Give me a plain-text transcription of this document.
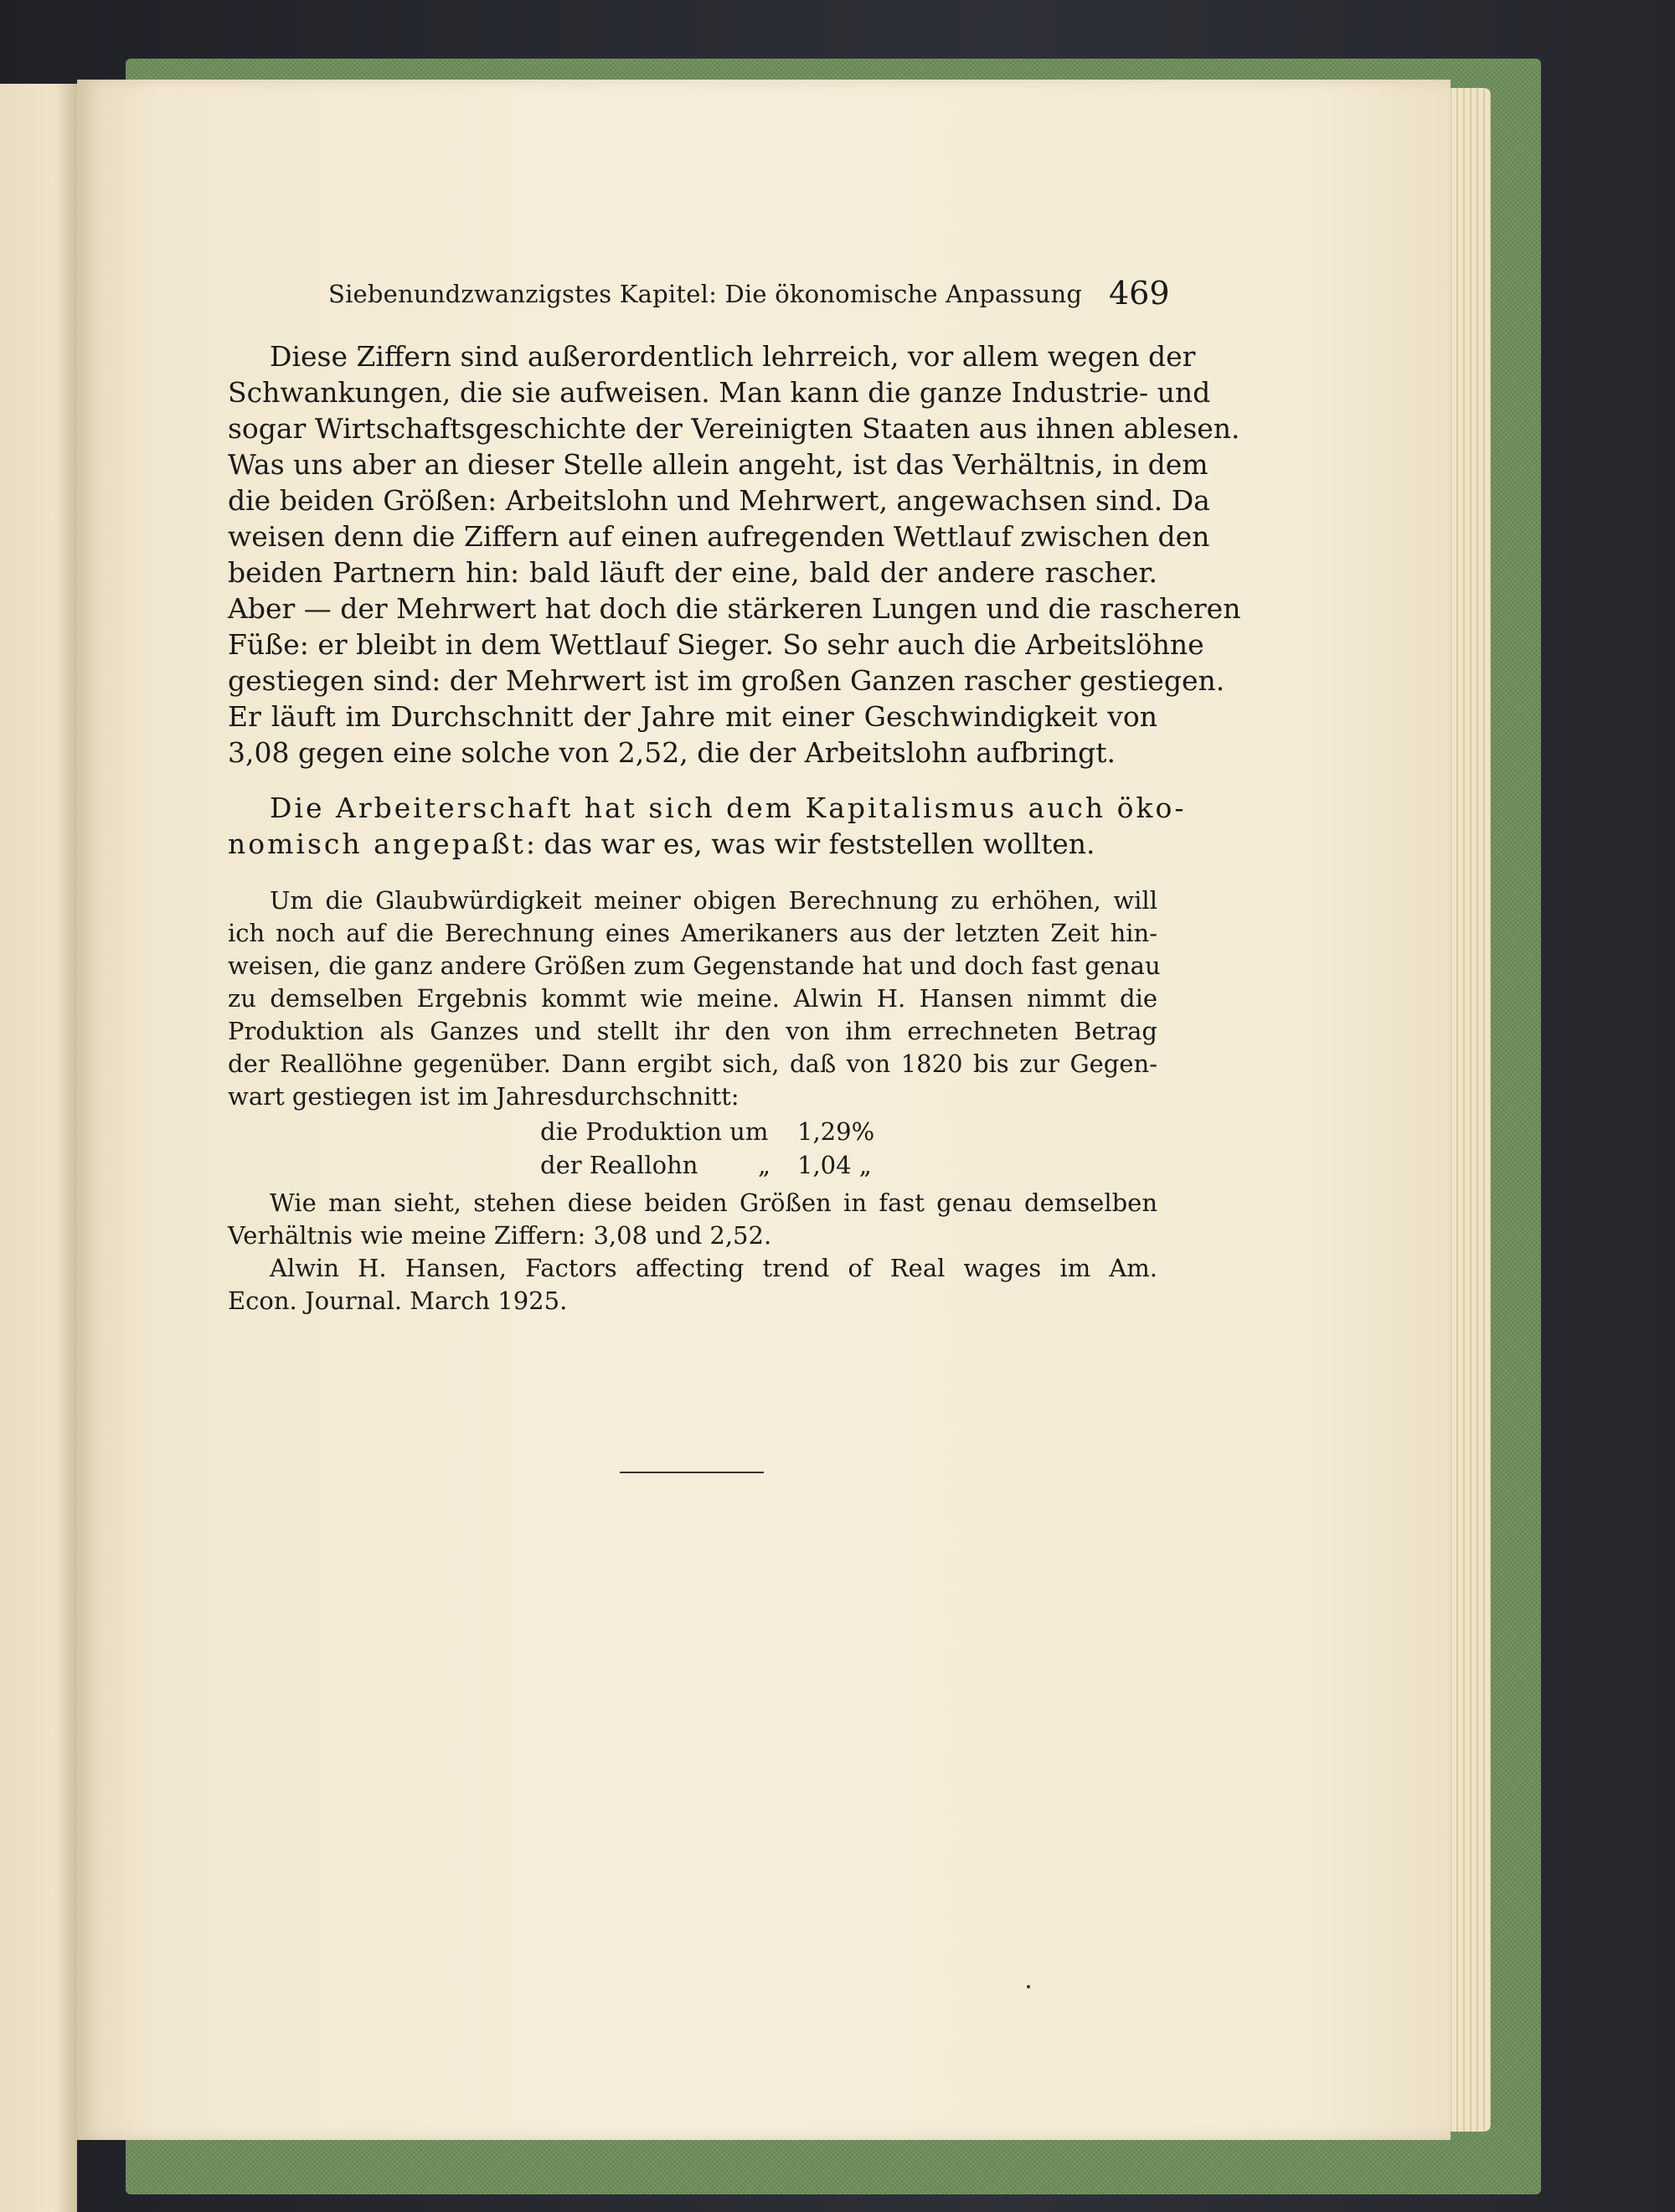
Siebenundzwanzigstes Kapitel: Die ökonomische Anpassung 469
Diese Ziffern sind außerordentlich lehrreich, vor allem wegen der
Schwankungen, die sie aufweisen. Man kann die ganze Industrie- und
sogar Wirtschaftsgeschichte der Vereinigten Staaten aus ihnen ablesen.
Was uns aber an dieser Stelle allein angeht, ist das Verhältnis, in dem
die beiden Größen: Arbeitslohn und Mehrwert, angewachsen sind. Da
weisen denn die Ziffern auf einen aufregenden Wettlauf zwischen den
beiden Partnern hin: bald läuft der eine, bald der andere rascher.
Aber — der Mehrwert hat doch die stärkeren Lungen und die rascheren
Füße: er bleibt in dem Wettlauf Sieger. So sehr auch die Arbeitslöhne
gestiegen sind: der Mehrwert ist im großen Ganzen rascher gestiegen.
Er läuft im Durchschnitt der Jahre mit einer Geschwindigkeit von
3,08 gegen eine solche von 2,52, die der Arbeitslohn aufbringt.
Die Arbeiterschaft hat sich dem Kapitalismus auch öko-
nomisch angepaßt: das war es, was wir feststellen wollten.
Um die Glaubwürdigkeit meiner obigen Berechnung zu erhöhen, will
ich noch auf die Berechnung eines Amerikaners aus der letzten Zeit hin-
weisen, die ganz andere Größen zum Gegenstande hat und doch fast genau
zu demselben Ergebnis kommt wie meine. Alwin H. Hansen nimmt die
Produktion als Ganzes und stellt ihr den von ihm errechneten Betrag
der Reallöhne gegenüber. Dann ergibt sich, daß von 1820 bis zur Gegen-
wart gestiegen ist im Jahresdurchschnitt:
die Produktion um 1,29%
der Reallohn „ 1,04 „
Wie man sieht, stehen diese beiden Größen in fast genau demselben
Verhältnis wie meine Ziffern: 3,08 und 2,52.
Alwin H. Hansen, Factors affecting trend of Real wages im Am.
Econ. Journal. March 1925.
